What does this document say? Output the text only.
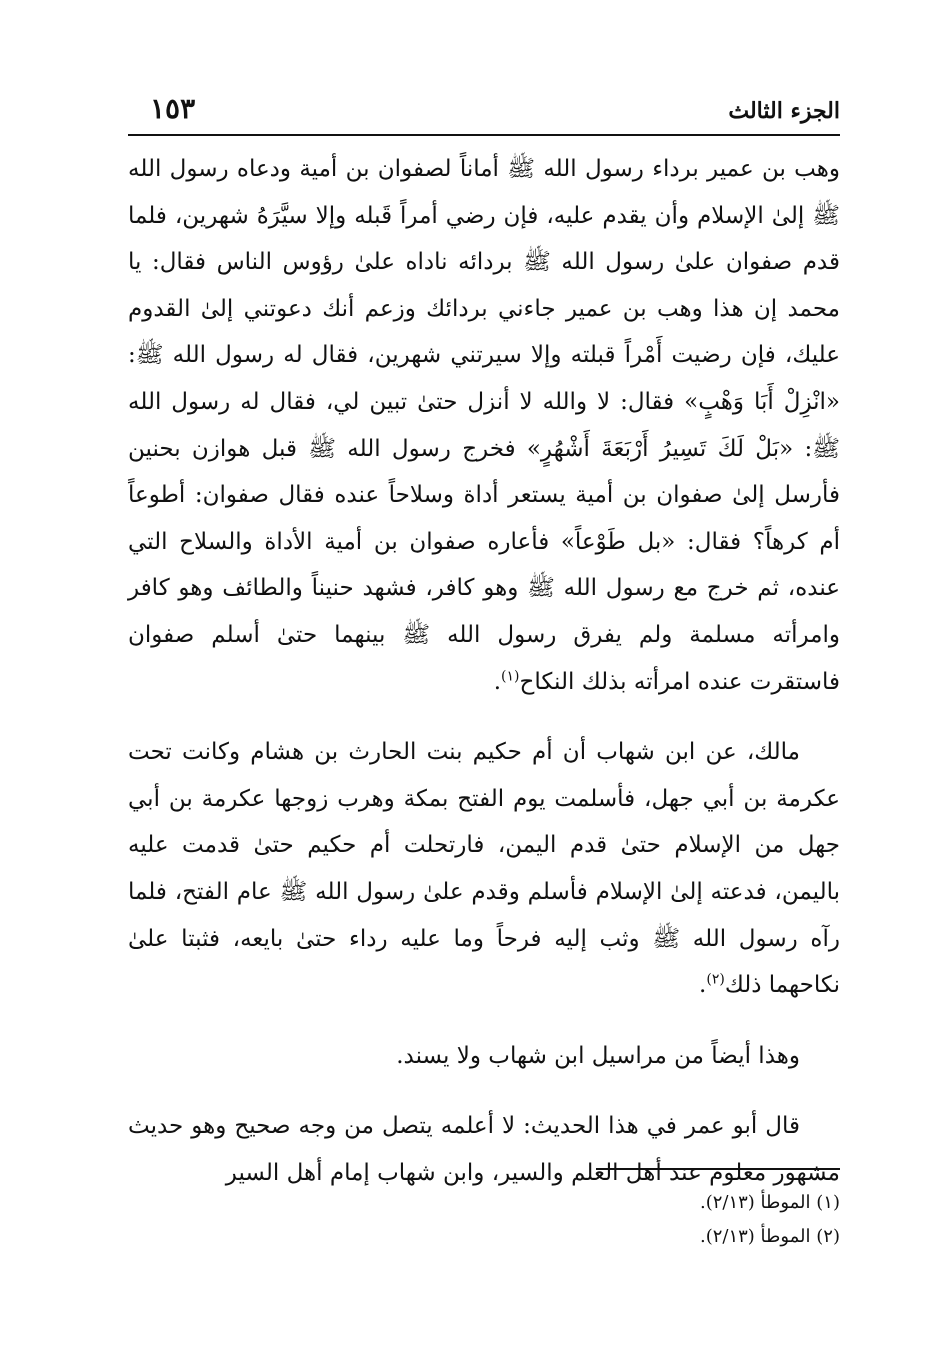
الجزء الثالث
١٥٣

وهب بن عمير برداء رسول الله ﷺ أماناً لصفوان بن أمية ودعاه رسول الله ﷺ إلىٰ الإسلام وأن يقدم عليه، فإن رضي أمراً قَبله وإلا سيَّرَهُ شهرين، فلما قدم صفوان علىٰ رسول الله ﷺ بردائه ناداه علىٰ رؤوس الناس فقال: يا محمد إن هذا وهب بن عمير جاءني بردائك وزعم أنك دعوتني إلىٰ القدوم عليك، فإن رضيت أَمْراً قبلته وإلا سيرتني شهرين، فقال له رسول الله ﷺ: «انْزِلْ أَبَا وَهْبٍ» فقال: لا والله لا أنزل حتىٰ تبين لي، فقال له رسول الله ﷺ: «بَلْ لَكَ تَسِيرُ أَرْبَعَةَ أَشْهُرٍ» فخرج رسول الله ﷺ قبل هوازن بحنين فأرسل إلىٰ صفوان بن أمية يستعر أداة وسلاحاً عنده فقال صفوان: أطوعاً أم كرهاً؟ فقال: «بل طَوْعاً» فأعاره صفوان بن أمية الأداة والسلاح التي عنده، ثم خرج مع رسول الله ﷺ وهو كافر، فشهد حنيناً والطائف وهو كافر وامرأته مسلمة ولم يفرق رسول الله ﷺ بينهما حتىٰ أسلم صفوان فاستقرت عنده امرأته بذلك النكاح$^{(١)}$.

مالك، عن ابن شهاب أن أم حكيم بنت الحارث بن هشام وكانت تحت عكرمة بن أبي جهل، فأسلمت يوم الفتح بمكة وهرب زوجها عكرمة بن أبي جهل من الإسلام حتىٰ قدم اليمن، فارتحلت أم حكيم حتىٰ قدمت عليه باليمن، فدعته إلىٰ الإسلام فأسلم وقدم علىٰ رسول الله ﷺ عام الفتح، فلما رآه رسول الله ﷺ وثب إليه فرحاً وما عليه رداء حتىٰ بايعه، فثبتا علىٰ نكاحهما ذلك$^{(٢)}$.

وهذا أيضاً من مراسيل ابن شهاب ولا يسند.

قال أبو عمر في هذا الحديث: لا أعلمه يتصل من وجه صحيح وهو حديث مشهور معلوم عند أهل العلم والسير، وابن شهاب إمام أهل السير

(١) الموطأ (٢/١٣).

(٢) الموطأ (٢/١٣).
